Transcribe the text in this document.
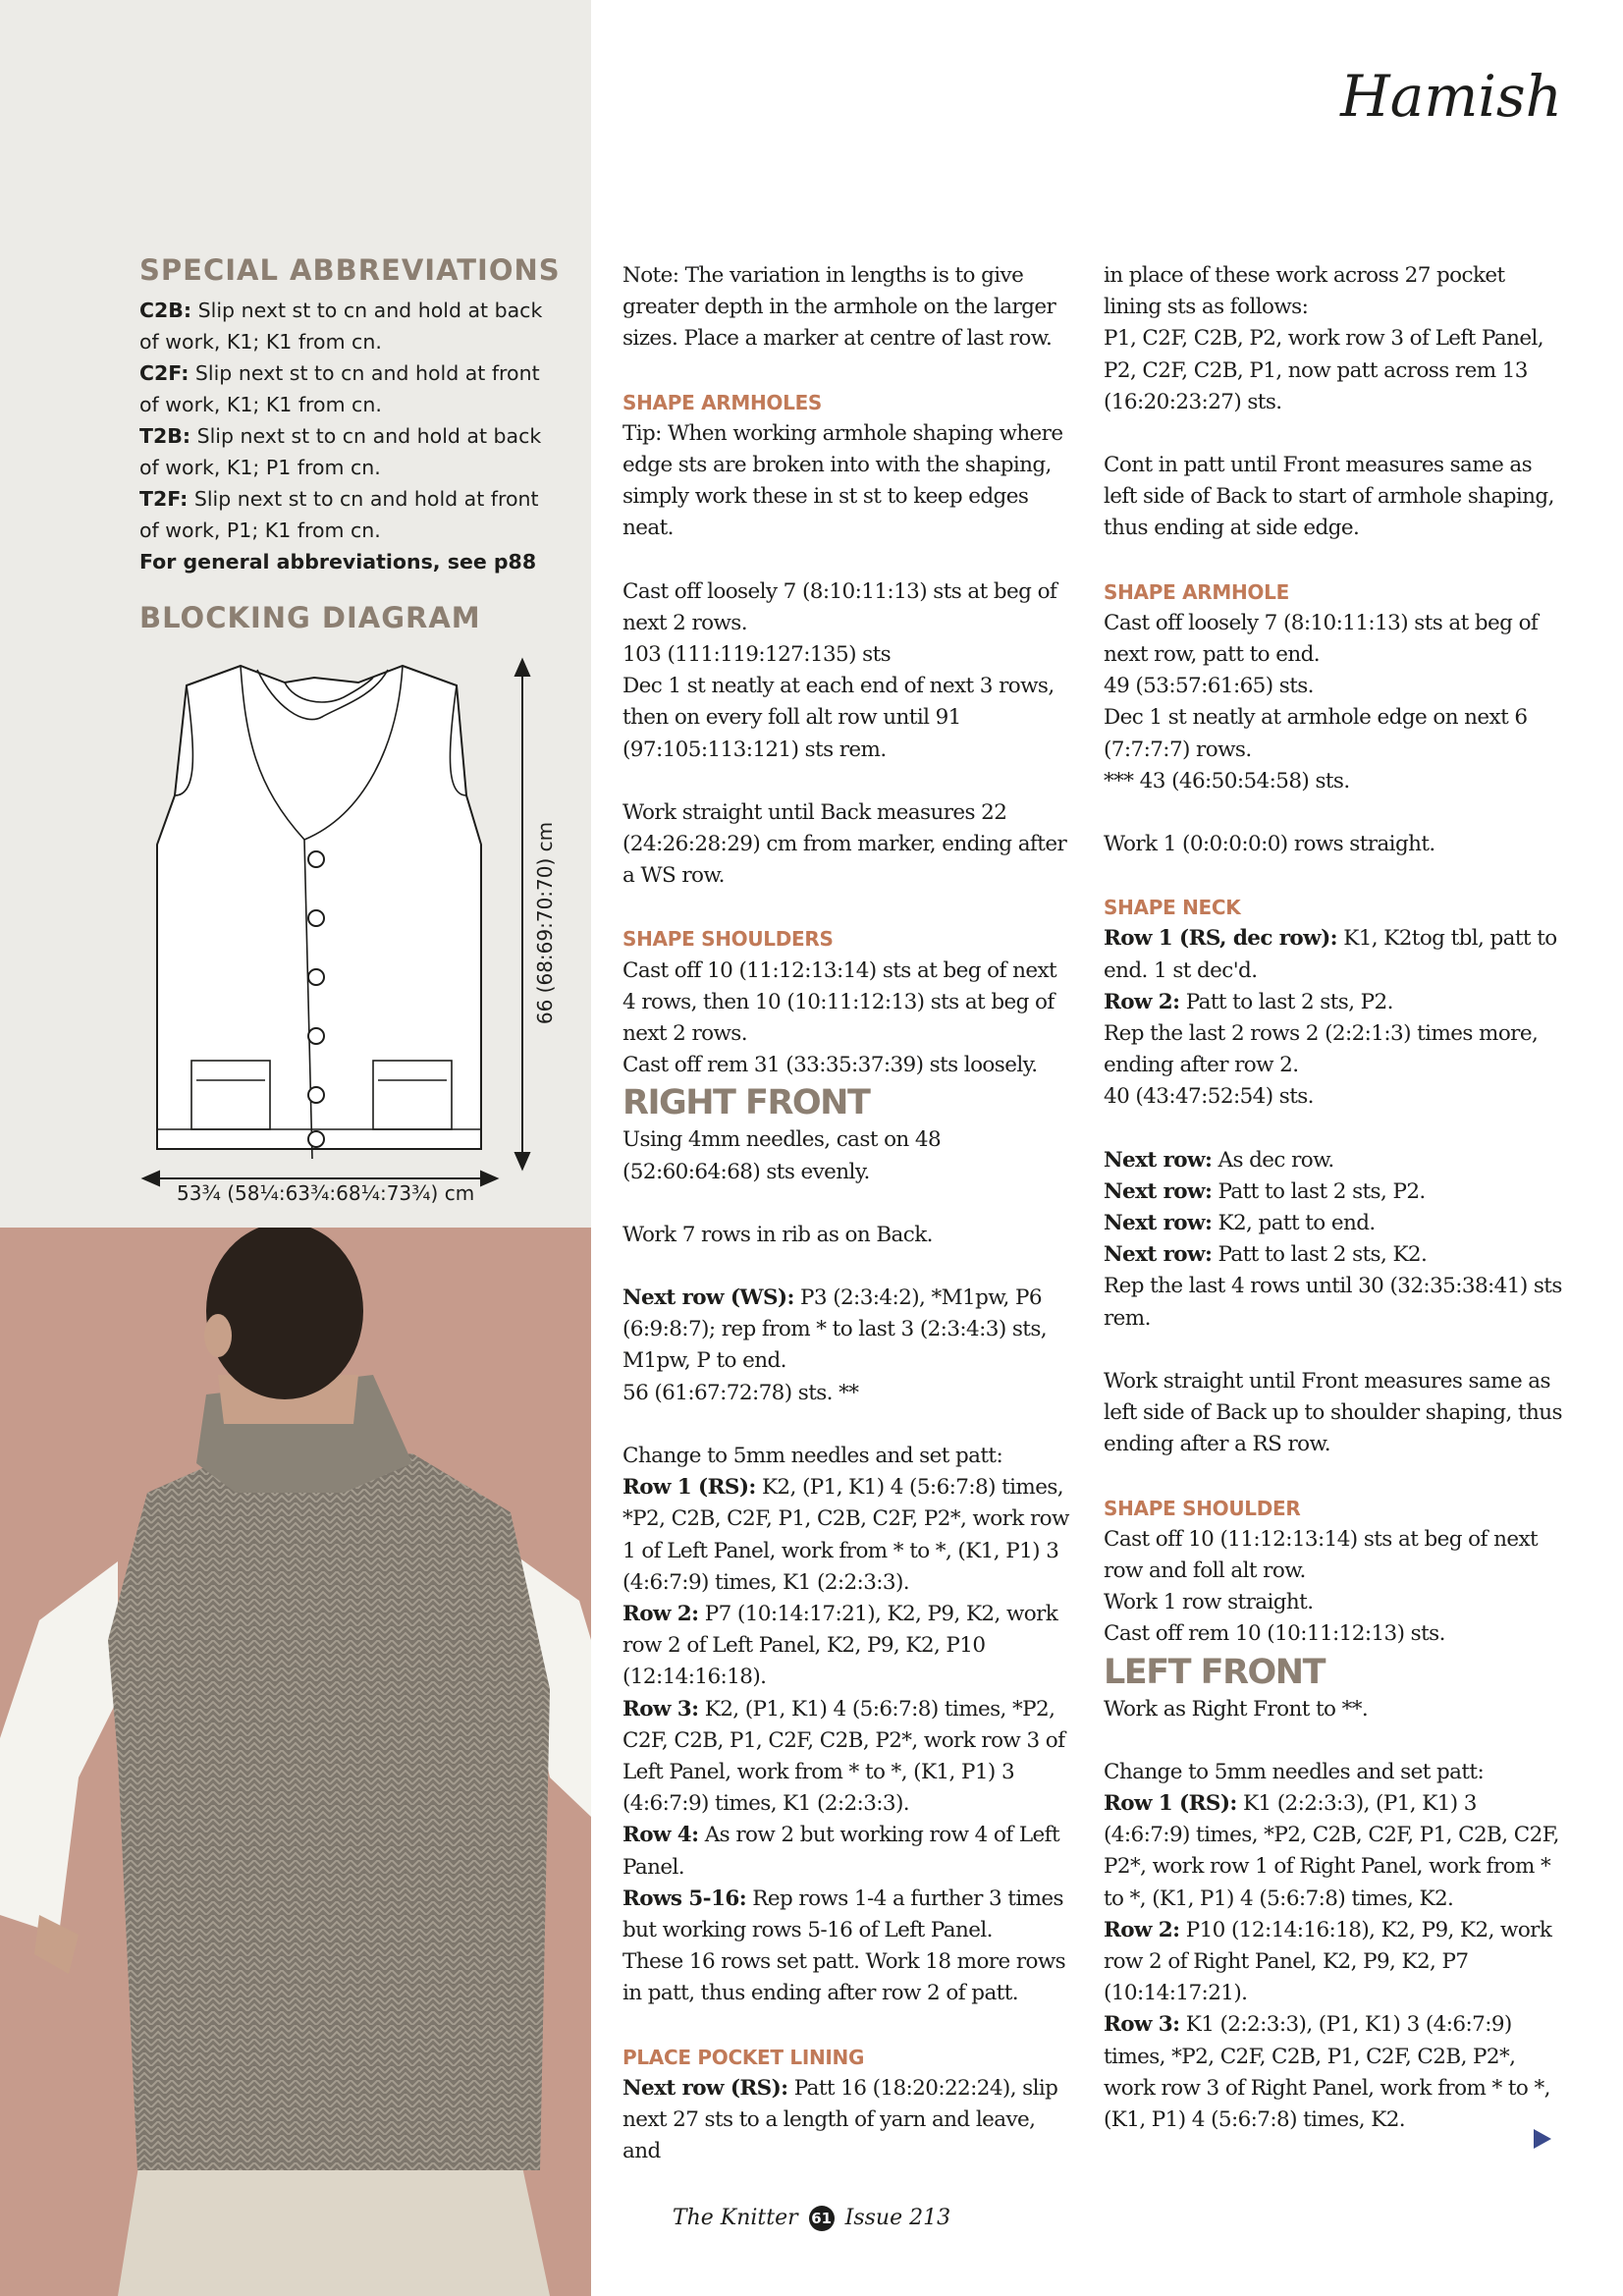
Hamish
SPECIAL ABBREVIATIONS

C2B: Slip next st to cn and hold at back of work, K1; K1 from cn.

C2F: Slip next st to cn and hold at front of work, K1; K1 from cn.

T2B: Slip next st to cn and hold at back of work, K1; P1 from cn.

T2F: Slip next st to cn and hold at front of work, P1; K1 from cn.

For general abbreviations, see p88

BLOCKING DIAGRAM
53¾ (58¼:63¾:68¼:73¾) cm
66 (68:69:70:70) cm

Note: The variation in lengths is to give greater depth in the armhole on the larger sizes. Place a marker at centre of last row.

SHAPE ARMHOLES

Tip: When working armhole shaping where edge sts are broken into with the shaping, simply work these in st st to keep edges neat.

Cast off loosely 7 (8:10:11:13) sts at beg of next 2 rows.

103 (111:119:127:135) sts

Dec 1 st neatly at each end of next 3 rows, then on every foll alt row until 91 (97:105:113:121) sts rem.

Work straight until Back measures 22 (24:26:28:29) cm from marker, ending after a WS row.

SHAPE SHOULDERS

Cast off 10 (11:12:13:14) sts at beg of next 4 rows, then 10 (10:11:12:13) sts at beg of next 2 rows.

Cast off rem 31 (33:35:37:39) sts loosely.

RIGHT FRONT

Using 4mm needles, cast on 48 (52:60:64:68) sts evenly.

Work 7 rows in rib as on Back.

Next row (WS): P3 (2:3:4:2), *M1pw, P6 (6:9:8:7); rep from * to last 3 (2:3:4:3) sts, M1pw, P to end.

56 (61:67:72:78) sts. **

Change to 5mm needles and set patt:

Row 1 (RS): K2, (P1, K1) 4 (5:6:7:8) times, *P2, C2B, C2F, P1, C2B, C2F, P2*, work row 1 of Left Panel, work from * to *, (K1, P1) 3 (4:6:7:9) times, K1 (2:2:3:3).

Row 2: P7 (10:14:17:21), K2, P9, K2, work row 2 of Left Panel, K2, P9, K2, P10 (12:14:16:18).

Row 3: K2, (P1, K1) 4 (5:6:7:8) times, *P2, C2F, C2B, P1, C2F, C2B, P2*, work row 3 of Left Panel, work from * to *, (K1, P1) 3 (4:6:7:9) times, K1 (2:2:3:3).

Row 4: As row 2 but working row 4 of Left Panel.

Rows 5-16: Rep rows 1-4 a further 3 times but working rows 5-16 of Left Panel.

These 16 rows set patt. Work 18 more rows in patt, thus ending after row 2 of patt.

PLACE POCKET LINING

Next row (RS): Patt 16 (18:20:22:24), slip next 27 sts to a length of yarn and leave, and

in place of these work across 27 pocket lining sts as follows:

P1, C2F, C2B, P2, work row 3 of Left Panel, P2, C2F, C2B, P1, now patt across rem 13 (16:20:23:27) sts.

Cont in patt until Front measures same as left side of Back to start of armhole shaping, thus ending at side edge.

SHAPE ARMHOLE

Cast off loosely 7 (8:10:11:13) sts at beg of next row, patt to end.

49 (53:57:61:65) sts.

Dec 1 st neatly at armhole edge on next 6 (7:7:7:7) rows.

*** 43 (46:50:54:58) sts.

Work 1 (0:0:0:0:0) rows straight.

SHAPE NECK

Row 1 (RS, dec row): K1, K2tog tbl, patt to end. 1 st dec'd.

Row 2: Patt to last 2 sts, P2.

Rep the last 2 rows 2 (2:2:1:3) times more, ending after row 2.

40 (43:47:52:54) sts.

Next row: As dec row.

Next row: Patt to last 2 sts, P2.

Next row: K2, patt to end.

Next row: Patt to last 2 sts, K2.

Rep the last 4 rows until 30 (32:35:38:41) sts rem.

Work straight until Front measures same as left side of Back up to shoulder shaping, thus ending after a RS row.

SHAPE SHOULDER

Cast off 10 (11:12:13:14) sts at beg of next row and foll alt row.

Work 1 row straight.

Cast off rem 10 (10:11:12:13) sts.

LEFT FRONT

Work as Right Front to **.

Change to 5mm needles and set patt:

Row 1 (RS): K1 (2:2:3:3), (P1, K1) 3 (4:6:7:9) times, *P2, C2B, C2F, P1, C2B, C2F, P2*, work row 1 of Right Panel, work from * to *, (K1, P1) 4 (5:6:7:8) times, K2.

Row 2: P10 (12:14:16:18), K2, P9, K2, work row 2 of Right Panel, K2, P9, K2, P7 (10:14:17:21).

Row 3: K1 (2:2:3:3), (P1, K1) 3 (4:6:7:9) times, *P2, C2F, C2B, P1, C2F, C2B, P2*, work row 3 of Right Panel, work from * to *, (K1, P1) 4 (5:6:7:8) times, K2.

The Knitter 61 Issue 213
